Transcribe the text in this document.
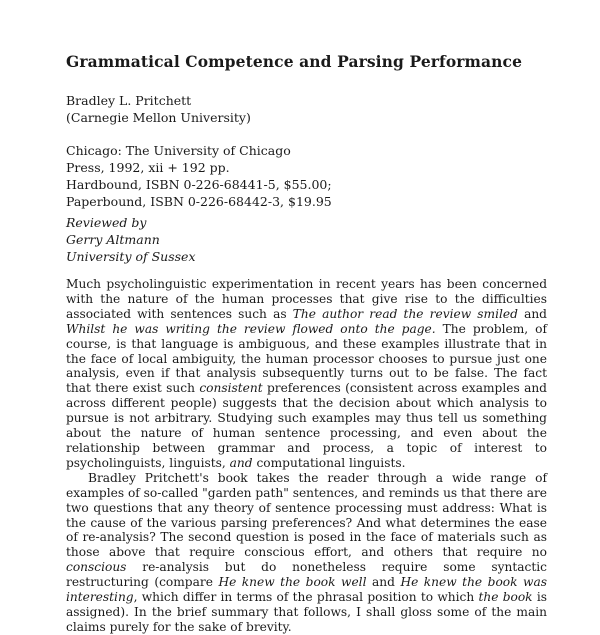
Grammatical Competence and Parsing Performance
Bradley L. Pritchett
(Carnegie Mellon University)
Chicago: The University of Chicago
Press, 1992, xii + 192 pp.
Hardbound, ISBN 0-226-68441-5, $55.00;
Paperbound, ISBN 0-226-68442-3, $19.95
Reviewed by
Gerry Altmann
University of Sussex

Much psycholinguistic experimentation in recent years has been concerned with the nature of the human processes that give rise to the difficulties associated with sentences such as The author read the review smiled and Whilst he was writing the review flowed onto the page. The problem, of course, is that language is ambiguous, and these examples illustrate that in the face of local ambiguity, the human processor chooses to pursue just one analysis, even if that analysis subsequently turns out to be false. The fact that there exist such consistent preferences (consistent across examples and across different people) suggests that the decision about which analysis to pursue is not arbitrary. Studying such examples may thus tell us something about the nature of human sentence processing, and even about the relationship between grammar and process, a topic of interest to psycholinguists, linguists, and computational linguists.

Bradley Pritchett's book takes the reader through a wide range of examples of so-called "garden path" sentences, and reminds us that there are two questions that any theory of sentence processing must address: What is the cause of the various parsing preferences? And what determines the ease of re-analysis? The second question is posed in the face of materials such as those above that require conscious effort, and others that require no conscious re-analysis but do nonetheless require some syntactic restructuring (compare He knew the book well and He knew the book was interesting, which differ in terms of the phrasal position to which the book is assigned). In the brief summary that follows, I shall gloss some of the main claims purely for the sake of brevity.
